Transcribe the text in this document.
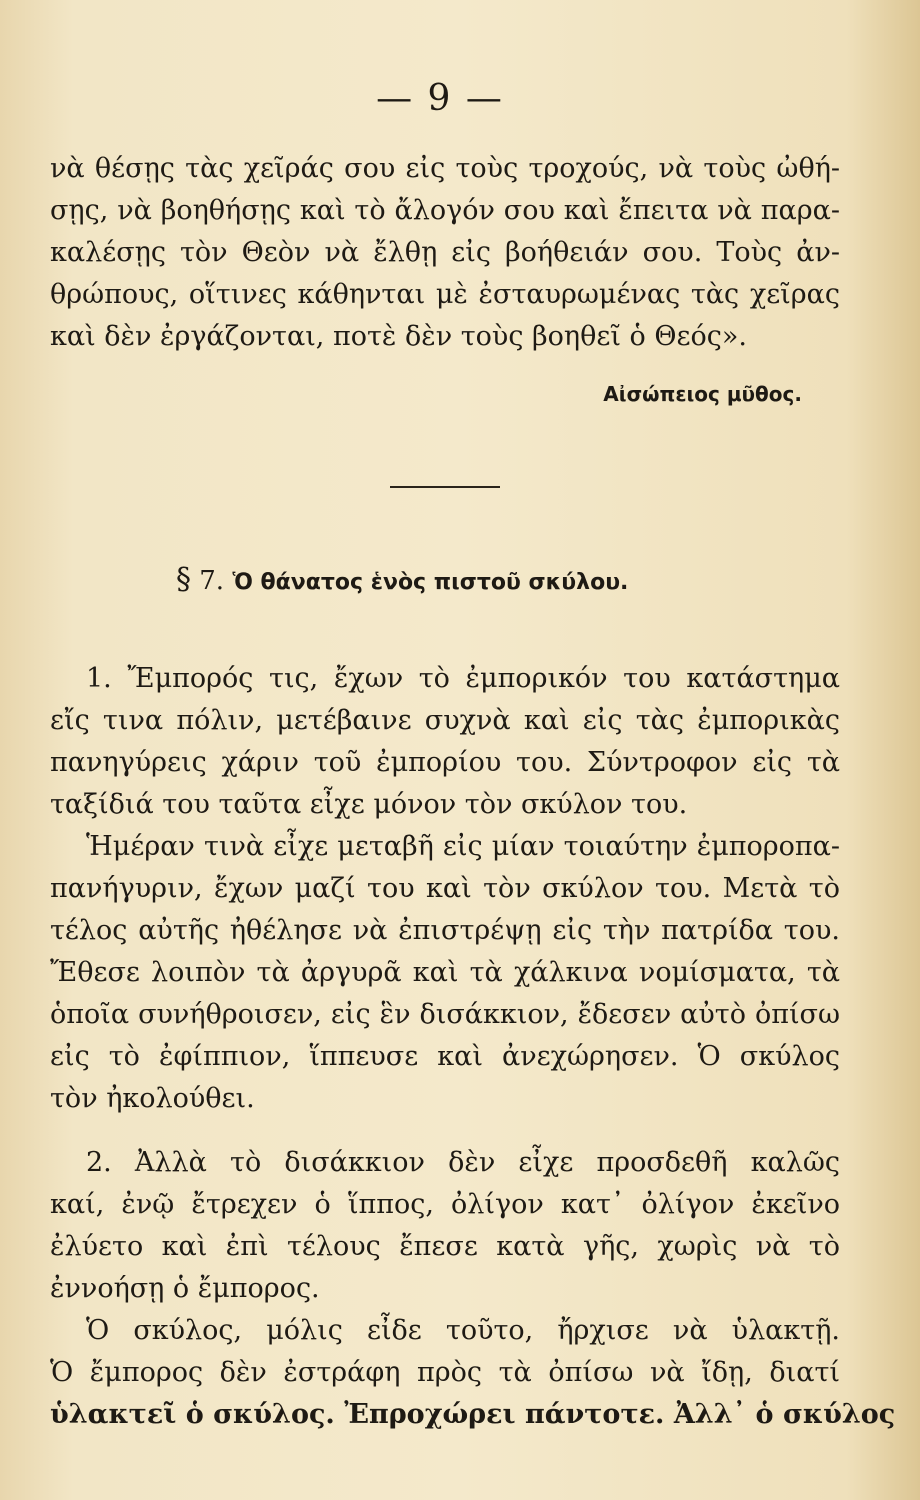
— 9 —
νὰ θέσῃς τὰς χεῖράς σου εἰς τοὺς τροχούς, νὰ τοὺς ὠθή-
σῃς, νὰ βοηθήσῃς καὶ τὸ ἄλογόν σου καὶ ἔπειτα νὰ παρα-
καλέσῃς τὸν Θεὸν νὰ ἔλθῃ εἰς βοήθειάν σου. Τοὺς ἀν-
θρώπους, οἵτινες κάθηνται μὲ ἐσταυρωμένας τὰς χεῖρας
καὶ δὲν ἐργάζονται, ποτὲ δὲν τοὺς βοηθεῖ ὁ Θεός».
Αἰσώπειος μῦθος.
§ 7. Ὁ θάνατος ἑνὸς πιστοῦ σκύλου.
1. Ἔμπορός τις, ἔχων τὸ ἐμπορικόν του κατάστημα
εἴς τινα πόλιν, μετέβαινε συχνὰ καὶ εἰς τὰς ἐμπορικὰς
πανηγύρεις χάριν τοῦ ἐμπορίου του. Σύντροφον εἰς τὰ
ταξίδιά του ταῦτα εἶχε μόνον τὸν σκύλον του.
Ἡμέραν τινὰ εἶχε μεταβῆ εἰς μίαν τοιαύτην ἐμποροπα-
πανήγυριν, ἔχων μαζί του καὶ τὸν σκύλον του. Μετὰ τὸ
τέλος αὐτῆς ἠθέλησε νὰ ἐπιστρέψῃ εἰς τὴν πατρίδα του.
Ἔθεσε λοιπὸν τὰ ἀργυρᾶ καὶ τὰ χάλκινα νομίσματα, τὰ
ὁποῖα συνήθροισεν, εἰς ἓν δισάκκιον, ἔδεσεν αὐτὸ ὀπίσω
εἰς τὸ ἐφίππιον, ἵππευσε καὶ ἀνεχώρησεν. Ὁ σκύλος
τὸν ἠκολούθει.
2. Ἀλλὰ τὸ δισάκκιον δὲν εἶχε προσδεθῆ καλῶς
καί, ἐνῷ ἔτρεχεν ὁ ἵππος, ὀλίγον κατ᾽ ὀλίγον ἐκεῖνο
ἐλύετο καὶ ἐπὶ τέλους ἔπεσε κατὰ γῆς, χωρὶς νὰ τὸ
ἐννοήσῃ ὁ ἔμπορος.
Ὁ σκύλος, μόλις εἶδε τοῦτο, ἤρχισε νὰ ὑλακτῇ.
Ὁ ἔμπορος δὲν ἐστράφη πρὸς τὰ ὀπίσω νὰ ἴδῃ, διατί
ὑλακτεῖ ὁ σκύλος. Ἐπροχώρει πάντοτε. Ἀλλ᾽ ὁ σκύλος
